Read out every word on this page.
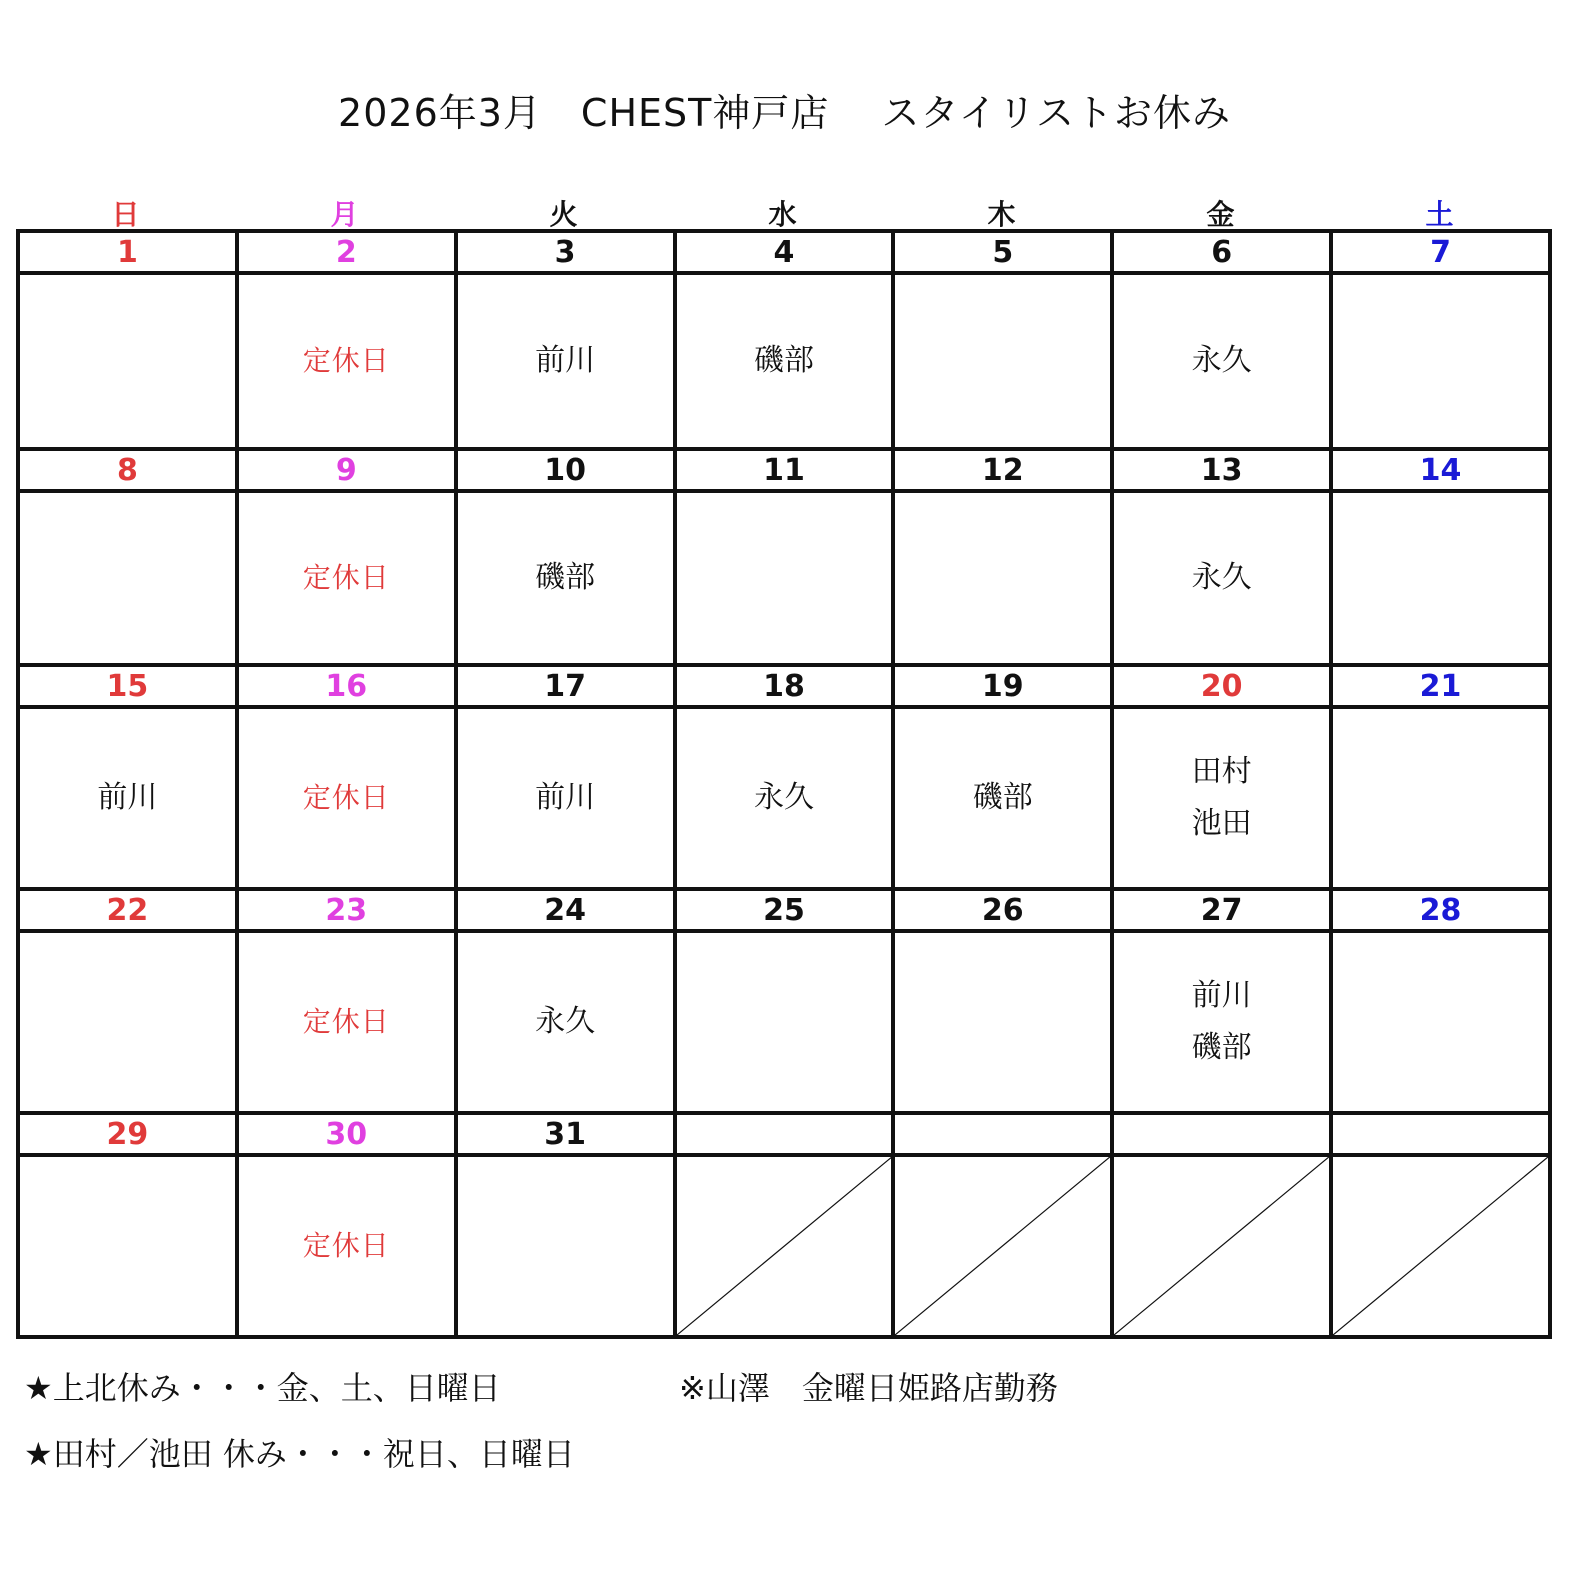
2026年3月　CHEST神戸店　 スタイリストお休み
日	月	火	水	木	金	土
1	2	3	4	5	6	7
	定休日	前川	磯部		永久	

8	9	10	11	12	13	14
	定休日	磯部			永久	

15	16	17	18	19	20	21

前川	定休日	前川	永久	磯部	田村
池田	

22	23	24	25	26	27	28
	定休日	永久			前川
磯部	

29	30	31				
	定休日		

★上北休み・・・金、土、日曜日	※山澤　金曜日姫路店勤務
★田村／池田 休み・・・祝日、日曜日
